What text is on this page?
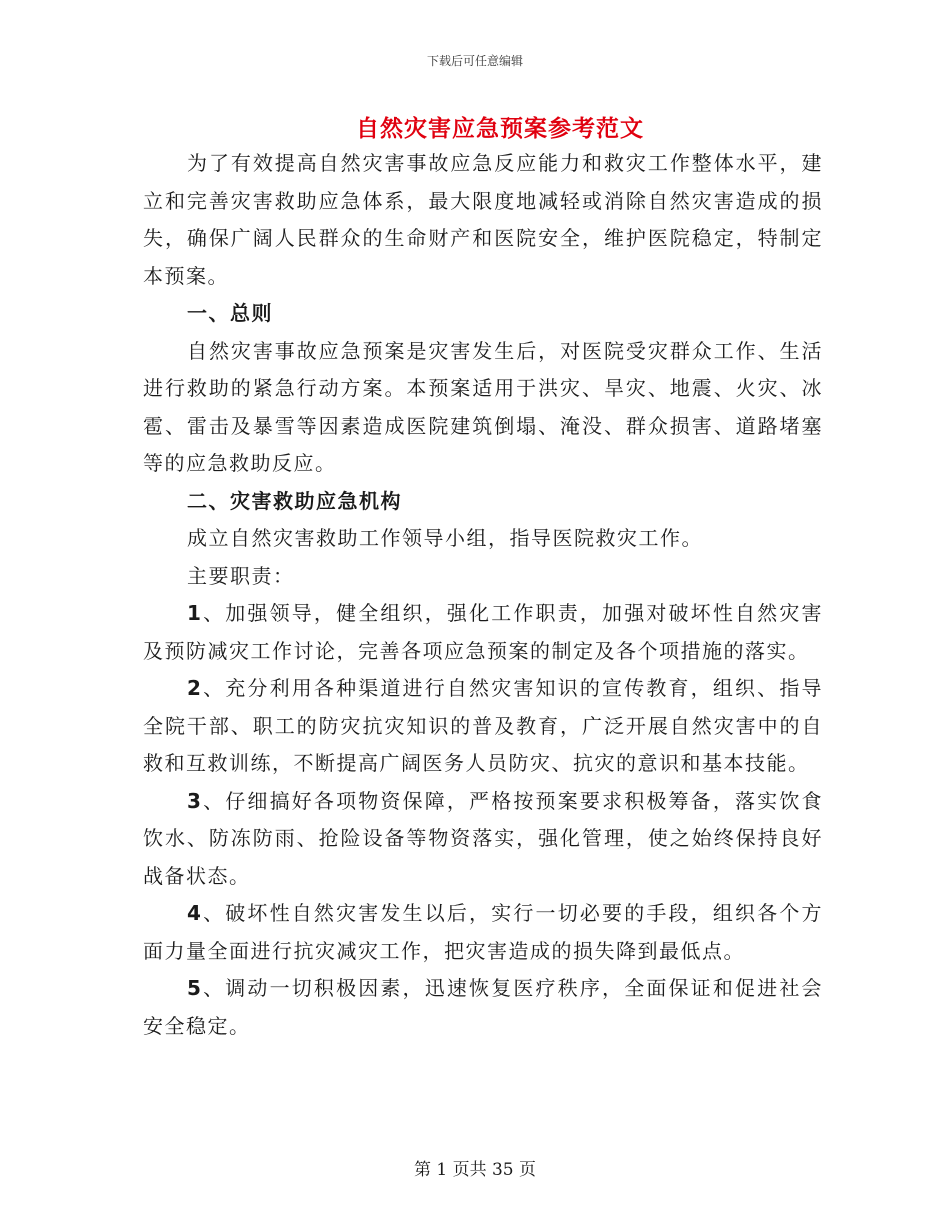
下载后可任意编辑
自然灾害应急预案参考范文

为了有效提高自然灾害事故应急反应能力和救灾工作整体水平，建立和完善灾害救助应急体系，最大限度地减轻或消除自然灾害造成的损失，确保广阔人民群众的生命财产和医院安全，维护医院稳定，特制定本预案。

一、总则

自然灾害事故应急预案是灾害发生后，对医院受灾群众工作、生活进行救助的紧急行动方案。本预案适用于洪灾、旱灾、地震、火灾、冰雹、雷击及暴雪等因素造成医院建筑倒塌、淹没、群众损害、道路堵塞等的应急救助反应。

二、灾害救助应急机构

成立自然灾害救助工作领导小组，指导医院救灾工作。

主要职责：

1、加强领导，健全组织，强化工作职责，加强对破坏性自然灾害及预防减灾工作讨论，完善各项应急预案的制定及各个项措施的落实。

2、充分利用各种渠道进行自然灾害知识的宣传教育，组织、指导全院干部、职工的防灾抗灾知识的普及教育，广泛开展自然灾害中的自救和互救训练，不断提高广阔医务人员防灾、抗灾的意识和基本技能。

3、仔细搞好各项物资保障，严格按预案要求积极筹备，落实饮食饮水、防冻防雨、抢险设备等物资落实，强化管理，使之始终保持良好战备状态。

4、破坏性自然灾害发生以后，实行一切必要的手段，组织各个方面力量全面进行抗灾减灾工作，把灾害造成的损失降到最低点。

5、调动一切积极因素，迅速恢复医疗秩序，全面保证和促进社会安全稳定。

第 1 页共 35 页
